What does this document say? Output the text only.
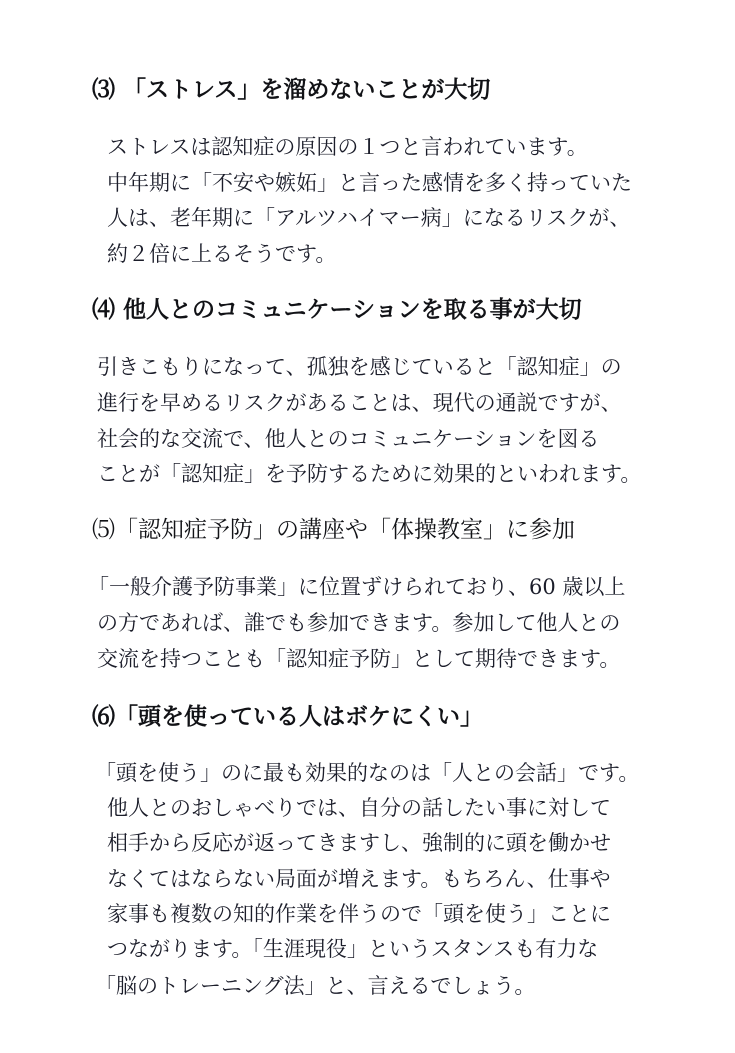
⑶ 「ストレス」を溜めないことが大切

ストレスは認知症の原因の１つと言われています。

中年期に「不安や嫉妬」と言った感情を多く持っていた

人は、老年期に「アルツハイマー病」になるリスクが、

約２倍に上るそうです。

⑷ 他人とのコミュニケーションを取る事が大切

引きこもりになって、孤独を感じていると「認知症」の

進行を早めるリスクがあることは、現代の通説ですが、

社会的な交流で、他人とのコミュニケーションを図る

ことが「認知症」を予防するために効果的といわれます。

⑸「認知症予防」の講座や「体操教室」に参加

「一般介護予防事業」に位置ずけられており、60 歳以上

の方であれば、誰でも参加できます。参加して他人との

交流を持つことも「認知症予防」として期待できます。

⑹「頭を使っている人はボケにくい」

「頭を使う」のに最も効果的なのは「人との会話」です。

他人とのおしゃべりでは、自分の話したい事に対して

相手から反応が返ってきますし、強制的に頭を働かせ

なくてはならない局面が増えます。もちろん、仕事や

家事も複数の知的作業を伴うので「頭を使う」ことに

つながります。「生涯現役」というスタンスも有力な

「脳のトレーニング法」と、言えるでしょう。
